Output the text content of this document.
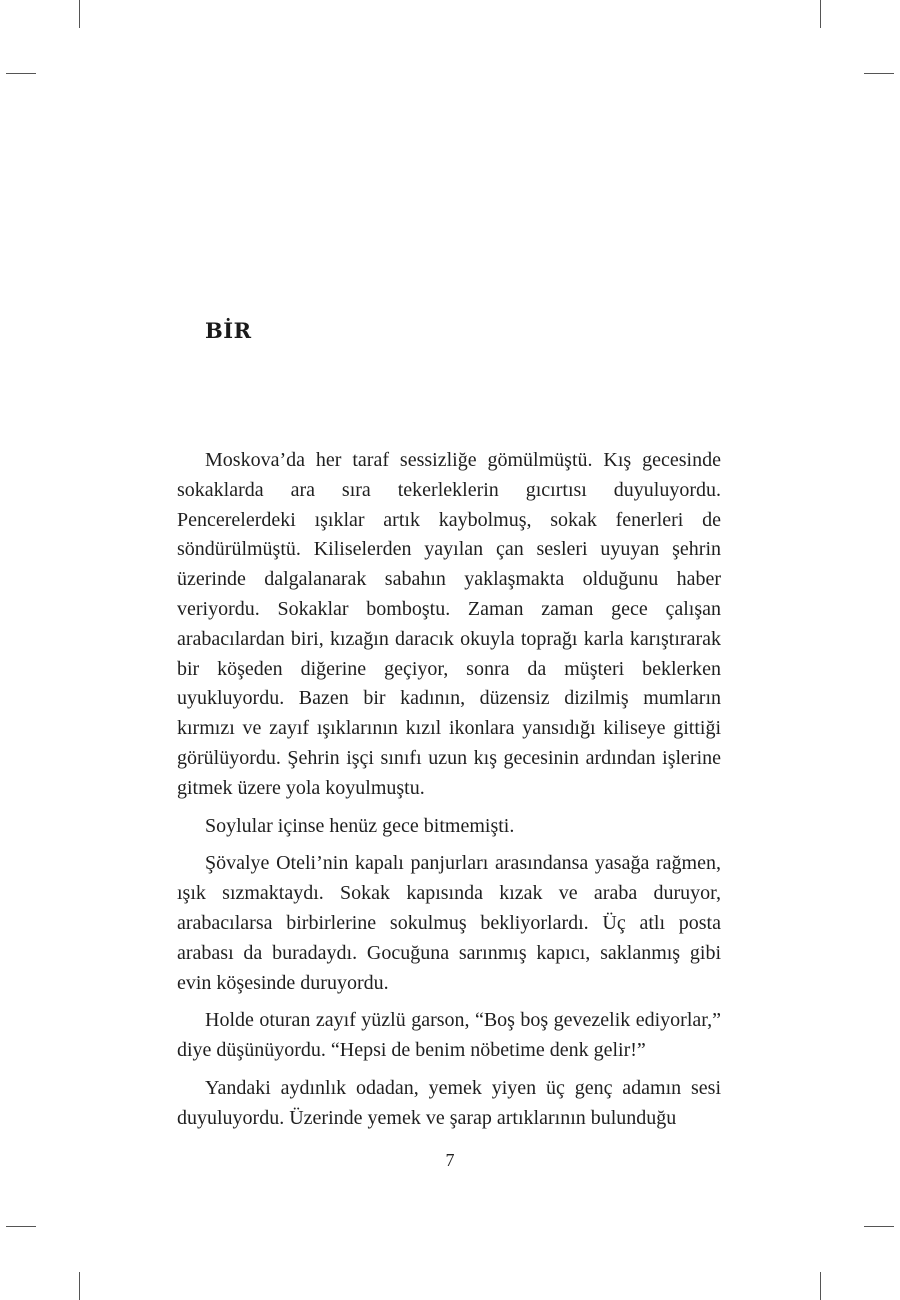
BİR

Moskova’da her taraf sessizliğe gömülmüştü. Kış gecesinde sokaklarda ara sıra tekerleklerin gıcırtısı duyuluyordu. Pencerelerdeki ışıklar artık kaybolmuş, sokak fenerleri de söndürülmüştü. Kiliselerden yayılan çan sesleri uyuyan şehrin üzerinde dalgalanarak sabahın yaklaşmakta olduğunu haber veriyordu. Sokaklar bomboştu. Zaman zaman gece çalışan arabacılardan biri, kızağın daracık okuyla toprağı karla karıştırarak bir köşeden diğerine geçiyor, sonra da müşteri beklerken uyukluyordu. Bazen bir kadının, düzensiz dizilmiş mumların kırmızı ve zayıf ışıklarının kızıl ikonlara yansıdığı kiliseye gittiği görülüyordu. Şehrin işçi sınıfı uzun kış gecesinin ardından işlerine gitmek üzere yola koyulmuştu.

Soylular içinse henüz gece bitmemişti.

Şövalye Oteli’nin kapalı panjurları arasındansa yasağa rağmen, ışık sızmaktaydı. Sokak kapısında kızak ve araba duruyor, arabacılarsa birbirlerine sokulmuş bekliyorlardı. Üç atlı posta arabası da buradaydı. Gocuğuna sarınmış kapıcı, saklanmış gibi evin köşesinde duruyordu.

Holde oturan zayıf yüzlü garson, “Boş boş gevezelik ediyorlar,” diye düşünüyordu. “Hepsi de benim nöbetime denk gelir!”

Yandaki aydınlık odadan, yemek yiyen üç genç adamın sesi duyuluyordu. Üzerinde yemek ve şarap artıklarının bulunduğu

7
